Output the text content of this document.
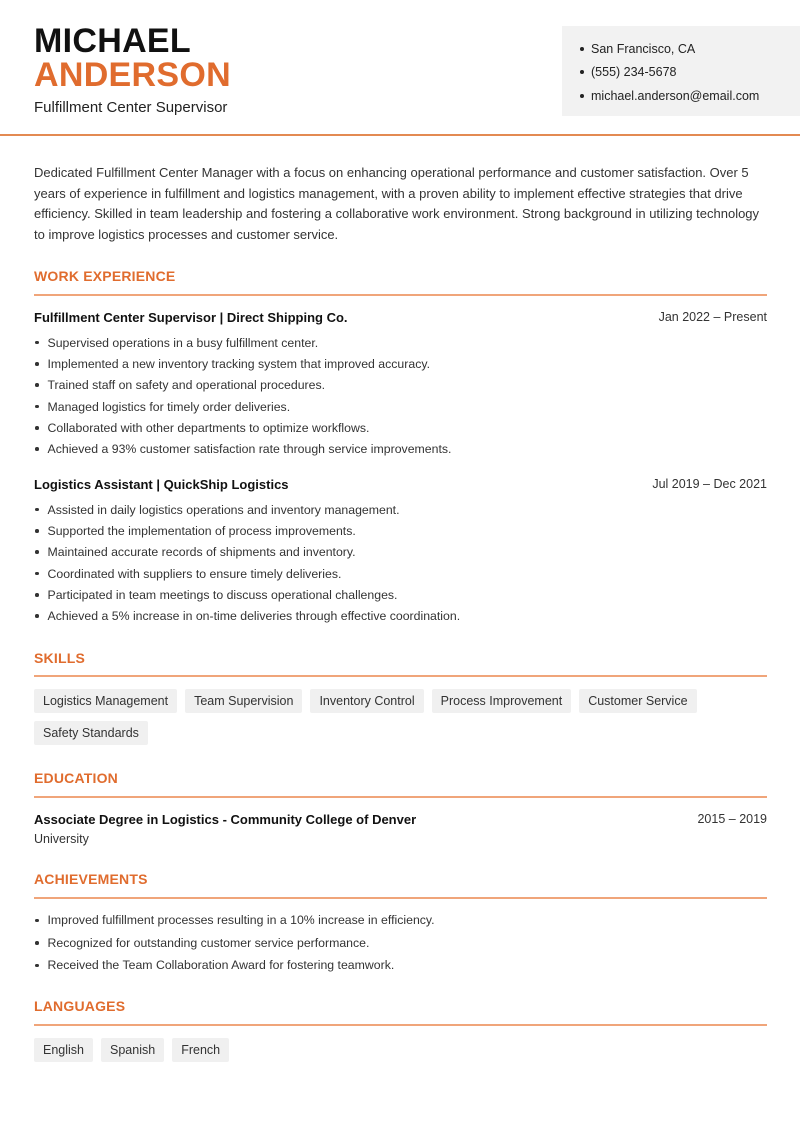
MICHAEL
ANDERSON
Fulfillment Center Supervisor
San Francisco, CA
(555) 234-5678
michael.anderson@email.com

Dedicated Fulfillment Center Manager with a focus on enhancing operational performance and customer satisfaction. Over 5 years of experience in fulfillment and logistics management, with a proven ability to implement effective strategies that drive efficiency. Skilled in team leadership and fostering a collaborative work environment. Strong background in utilizing technology to improve logistics processes and customer service.

WORK EXPERIENCE
Fulfillment Center Supervisor | Direct Shipping Co.	Jan 2022 – Present
Supervised operations in a busy fulfillment center.
Implemented a new inventory tracking system that improved accuracy.
Trained staff on safety and operational procedures.
Managed logistics for timely order deliveries.
Collaborated with other departments to optimize workflows.
Achieved a 93% customer satisfaction rate through service improvements.
Logistics Assistant | QuickShip Logistics	Jul 2019 – Dec 2021
Assisted in daily logistics operations and inventory management.
Supported the implementation of process improvements.
Maintained accurate records of shipments and inventory.
Coordinated with suppliers to ensure timely deliveries.
Participated in team meetings to discuss operational challenges.
Achieved a 5% increase in on-time deliveries through effective coordination.
SKILLS
Logistics Management	Team Supervision	Inventory Control	Process Improvement	Customer Service
Safety Standards
EDUCATION
Associate Degree in Logistics - Community College of Denver	2015 – 2019
University
ACHIEVEMENTS
Improved fulfillment processes resulting in a 10% increase in efficiency.
Recognized for outstanding customer service performance.
Received the Team Collaboration Award for fostering teamwork.
LANGUAGES
English	Spanish	French
